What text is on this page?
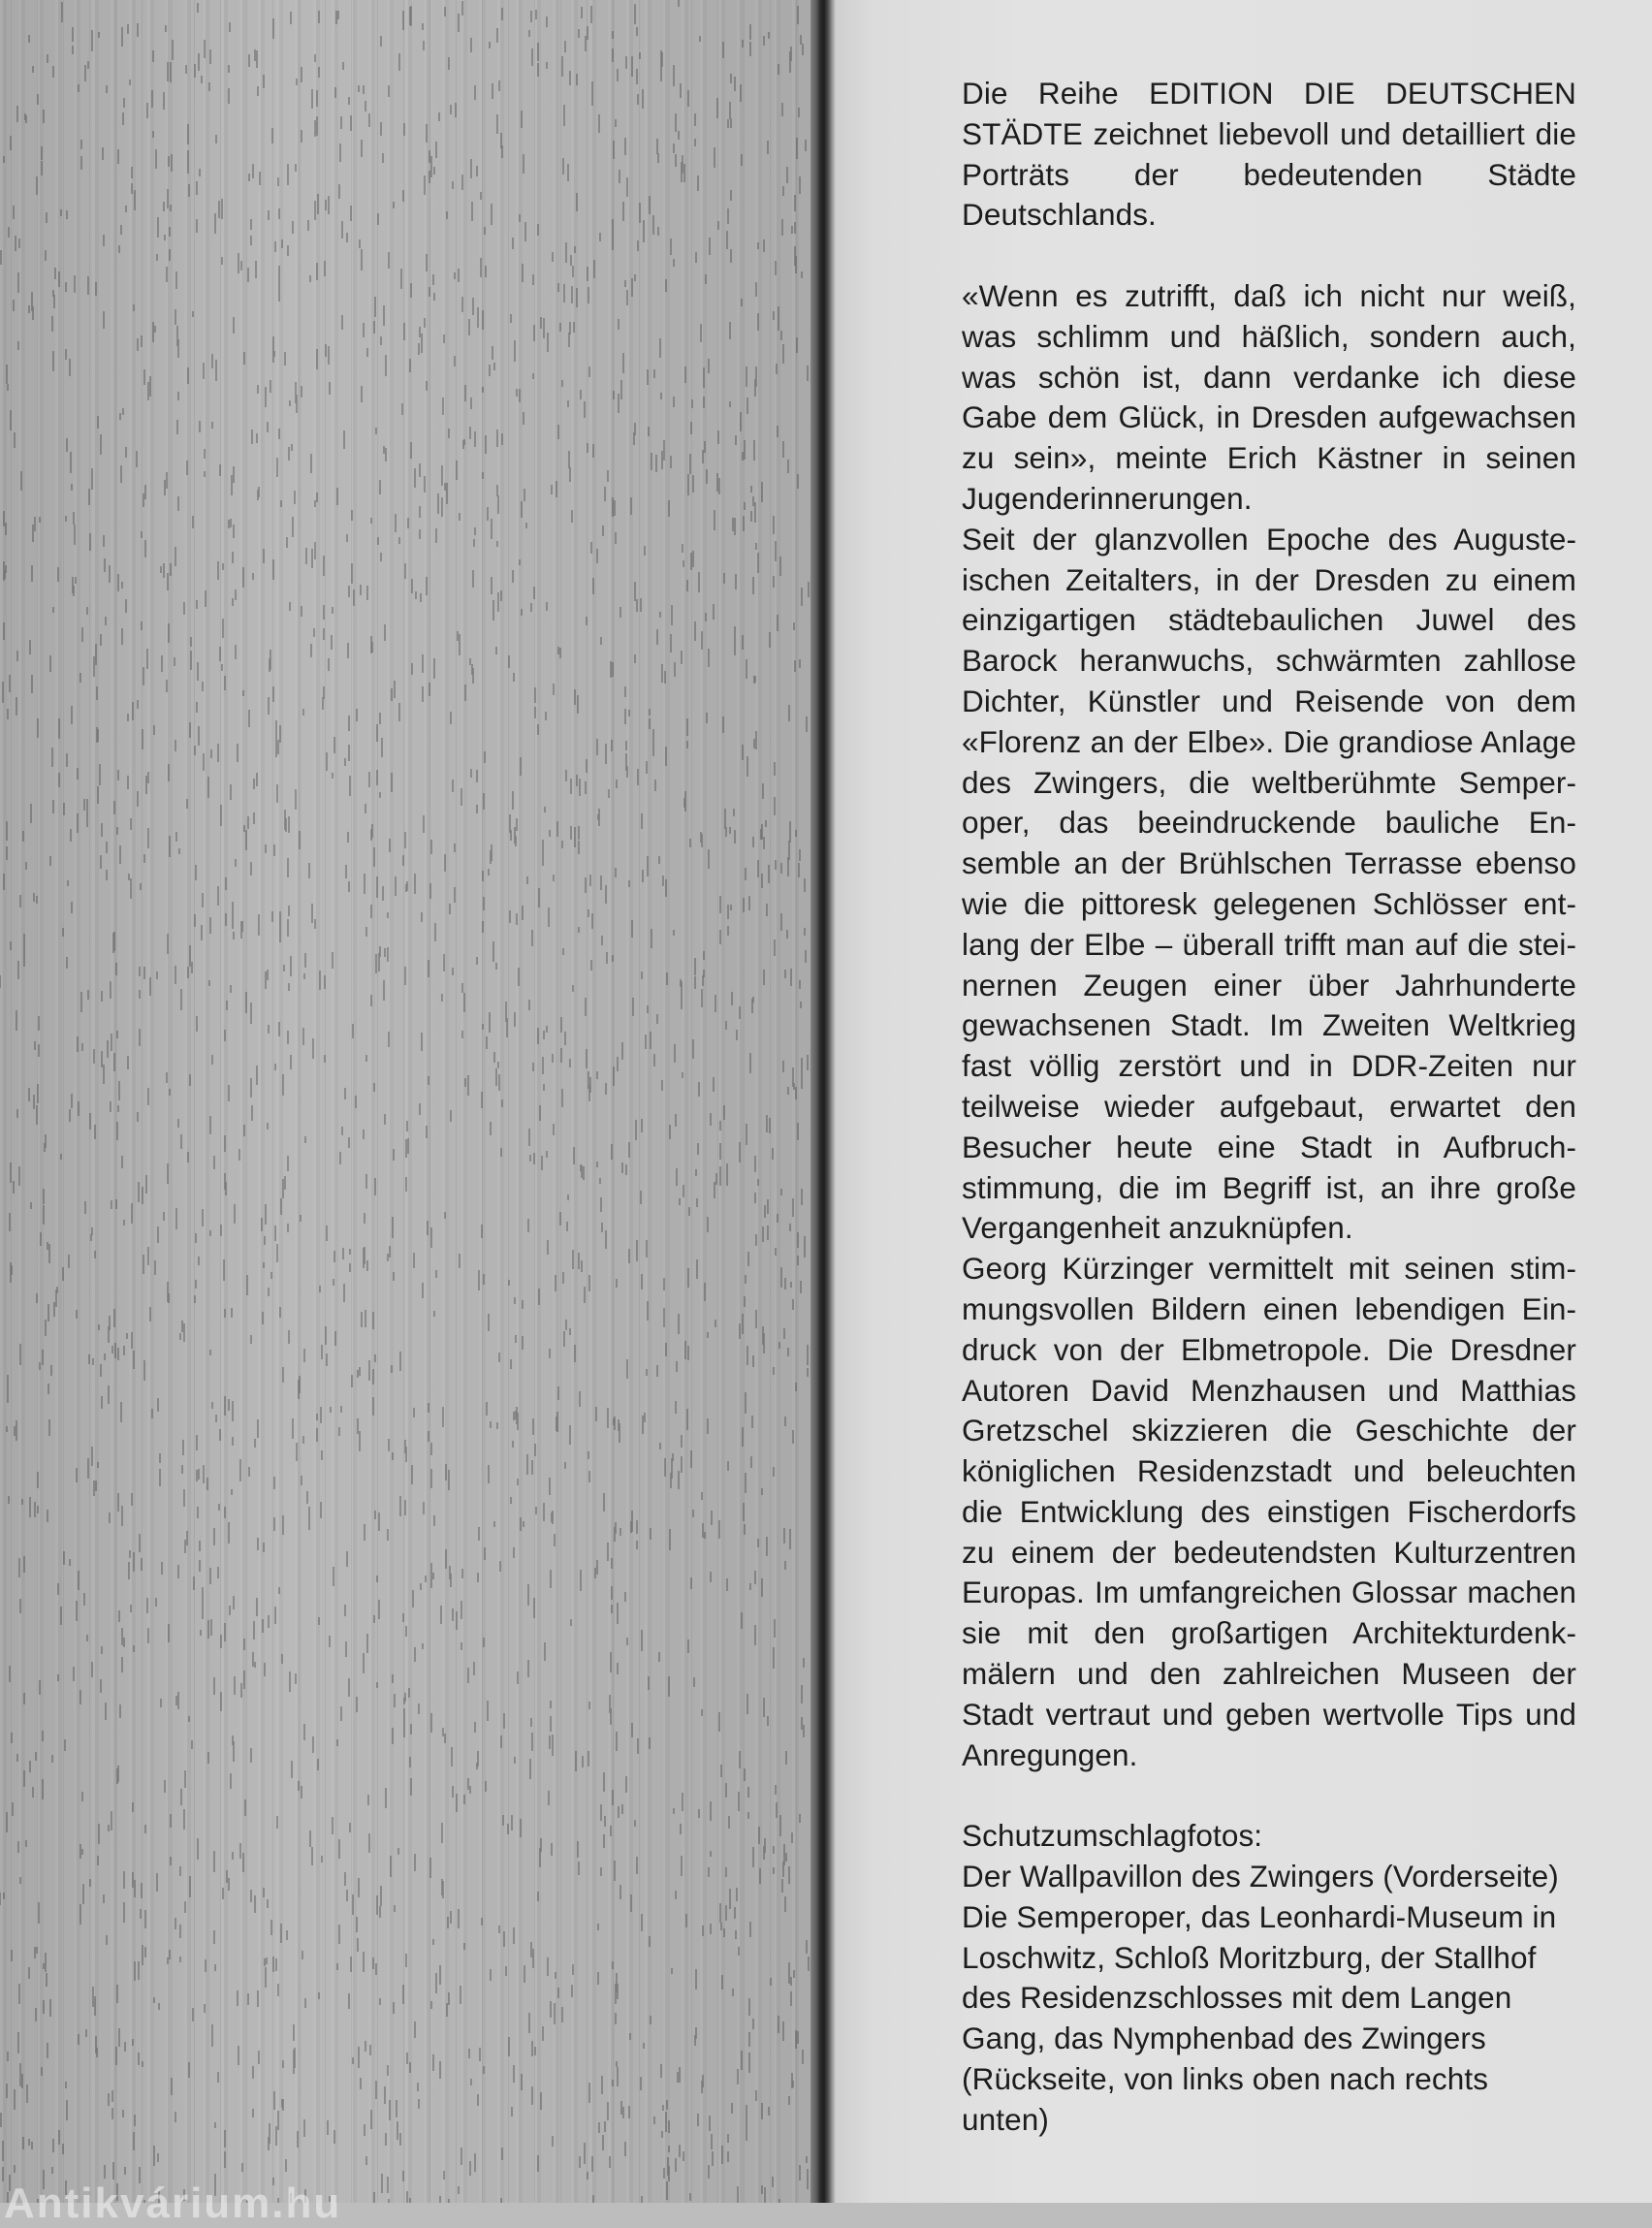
Die Reihe EDITION DIE DEUTSCHEN STÄDTE zeichnet liebevoll und detailliert die Porträts der bedeutenden Städte Deutschlands.

«Wenn es zutrifft, daß ich nicht nur weiß, was schlimm und häßlich, sondern auch, was schön ist, dann verdanke ich diese Gabe dem Glück, in Dresden aufgewachsen zu sein», meinte Erich Kästner in seinen Jugenderinnerungen.

Seit der glanzvollen Epoche des Augusteischen Zeitalters, in der Dresden zu einem einzigartigen städtebaulichen Juwel des Barock heranwuchs, schwärmten zahllose Dichter, Künstler und Reisende von dem «Florenz an der Elbe». Die grandiose Anlage des Zwingers, die weltberühmte Semperoper, das beeindruckende bauliche Ensemble an der Brühlschen Terrasse ebenso wie die pittoresk gelegenen Schlösser entlang der Elbe – überall trifft man auf die steinernen Zeugen einer über Jahrhunderte gewachsenen Stadt. Im Zweiten Weltkrieg fast völlig zerstört und in DDR-Zeiten nur teilweise wieder aufgebaut, erwartet den Besucher heute eine Stadt in Aufbruchstimmung, die im Begriff ist, an ihre große Vergangenheit anzuknüpfen.

Georg Kürzinger vermittelt mit seinen stimmungsvollen Bildern einen lebendigen Eindruck von der Elbmetropole. Die Dresdner Autoren David Menzhausen und Matthias Gretzschel skizzieren die Geschichte der königlichen Residenzstadt und beleuchten die Entwicklung des einstigen Fischerdorfs zu einem der bedeutendsten Kulturzentren Europas. Im umfangreichen Glossar machen sie mit den großartigen Architekturdenkmälern und den zahlreichen Museen der Stadt vertraut und geben wertvolle Tips und Anregungen.

Schutzumschlagfotos:

Der Wallpavillon des Zwingers (Vorderseite)

Die Semperoper, das Leonhardi-Museum in Loschwitz, Schloß Moritzburg, der Stallhof des Residenzschlosses mit dem Langen Gang, das Nymphenbad des Zwingers (Rückseite, von links oben nach rechts unten)

Antikvárium.hu
